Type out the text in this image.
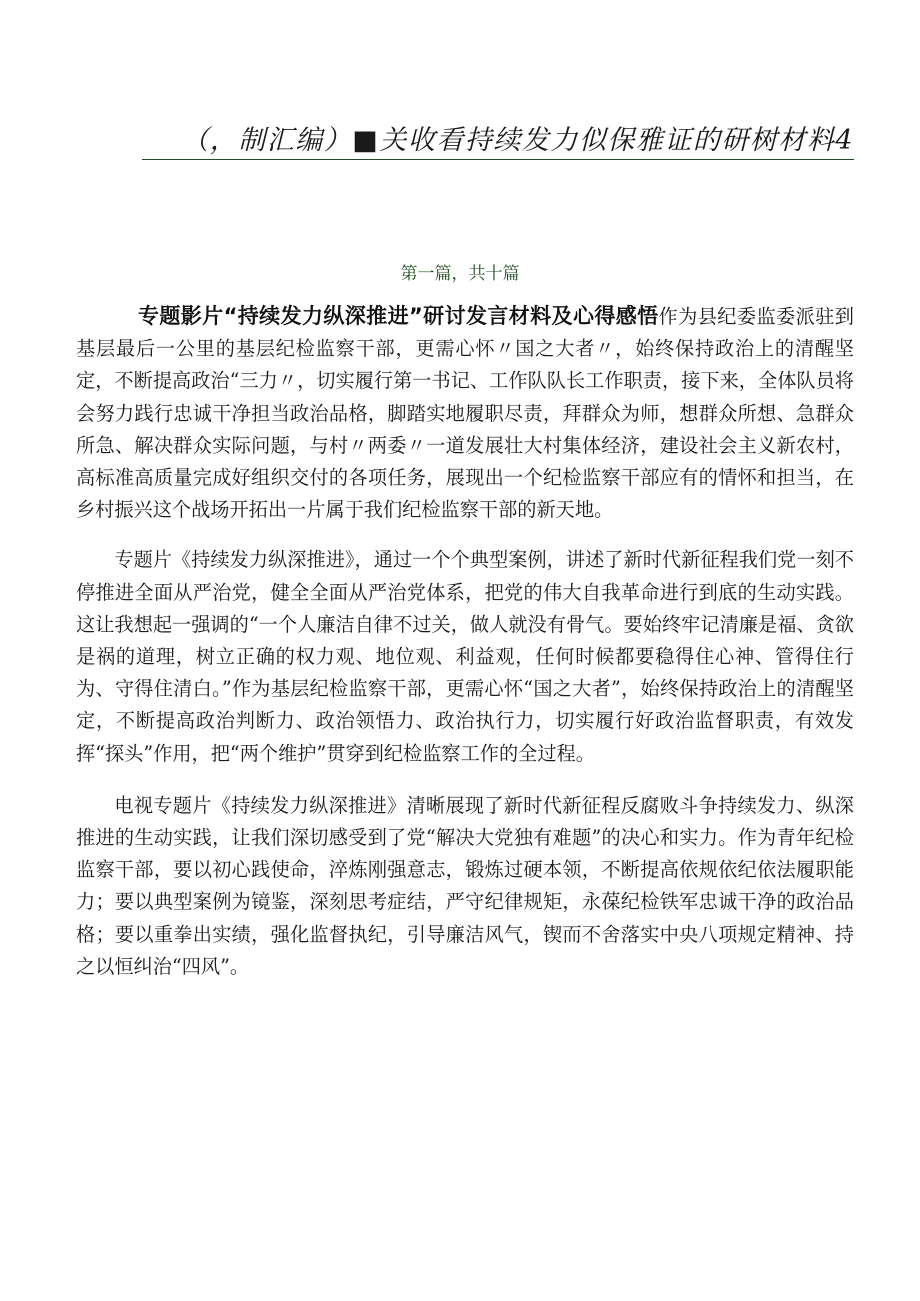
（，制汇编）■关收看持续发力似保雅证的研树材料4
第一篇，共十篇

专题影片“持续发力纵深推进”研讨发言材料及心得感悟作为县纪委监委派驻到基层最后一公里的基层纪检监察干部，更需心怀〃国之大者〃，始终保持政治上的清醒坚定，不断提高政治“三力〃，切实履行第一书记、工作队队长工作职责，接下来，全体队员将会努力践行忠诚干净担当政治品格，脚踏实地履职尽责，拜群众为师，想群众所想、急群众所急、解决群众实际问题，与村〃两委〃一道发展壮大村集体经济，建设社会主义新农村，高标准高质量完成好组织交付的各项任务，展现出一个纪检监察干部应有的情怀和担当，在乡村振兴这个战场开拓出一片属于我们纪检监察干部的新天地。

专题片《持续发力纵深推进》，通过一个个典型案例，讲述了新时代新征程我们党一刻不停推进全面从严治党，健全全面从严治党体系，把党的伟大自我革命进行到底的生动实践。这让我想起一强调的“一个人廉洁自律不过关，做人就没有骨气。要始终牢记清廉是福、贪欲是祸的道理，树立正确的权力观、地位观、利益观，任何时候都要稳得住心神、管得住行为、守得住清白。”作为基层纪检监察干部，更需心怀“国之大者”，始终保持政治上的清醒坚定，不断提高政治判断力、政治领悟力、政治执行力，切实履行好政治监督职责，有效发挥“探头”作用，把“两个维护”贯穿到纪检监察工作的全过程。

电视专题片《持续发力纵深推进》清晰展现了新时代新征程反腐败斗争持续发力、纵深推进的生动实践，让我们深切感受到了党“解决大党独有难题”的决心和实力。作为青年纪检监察干部，要以初心践使命，淬炼刚强意志，锻炼过硬本领，不断提高依规依纪依法履职能力；要以典型案例为镜鉴，深刻思考症结，严守纪律规矩，永葆纪检铁军忠诚干净的政治品格；要以重拳出实绩，强化监督执纪，引导廉洁风气，锲而不舍落实中央八项规定精神、持之以恒纠治“四风”。
